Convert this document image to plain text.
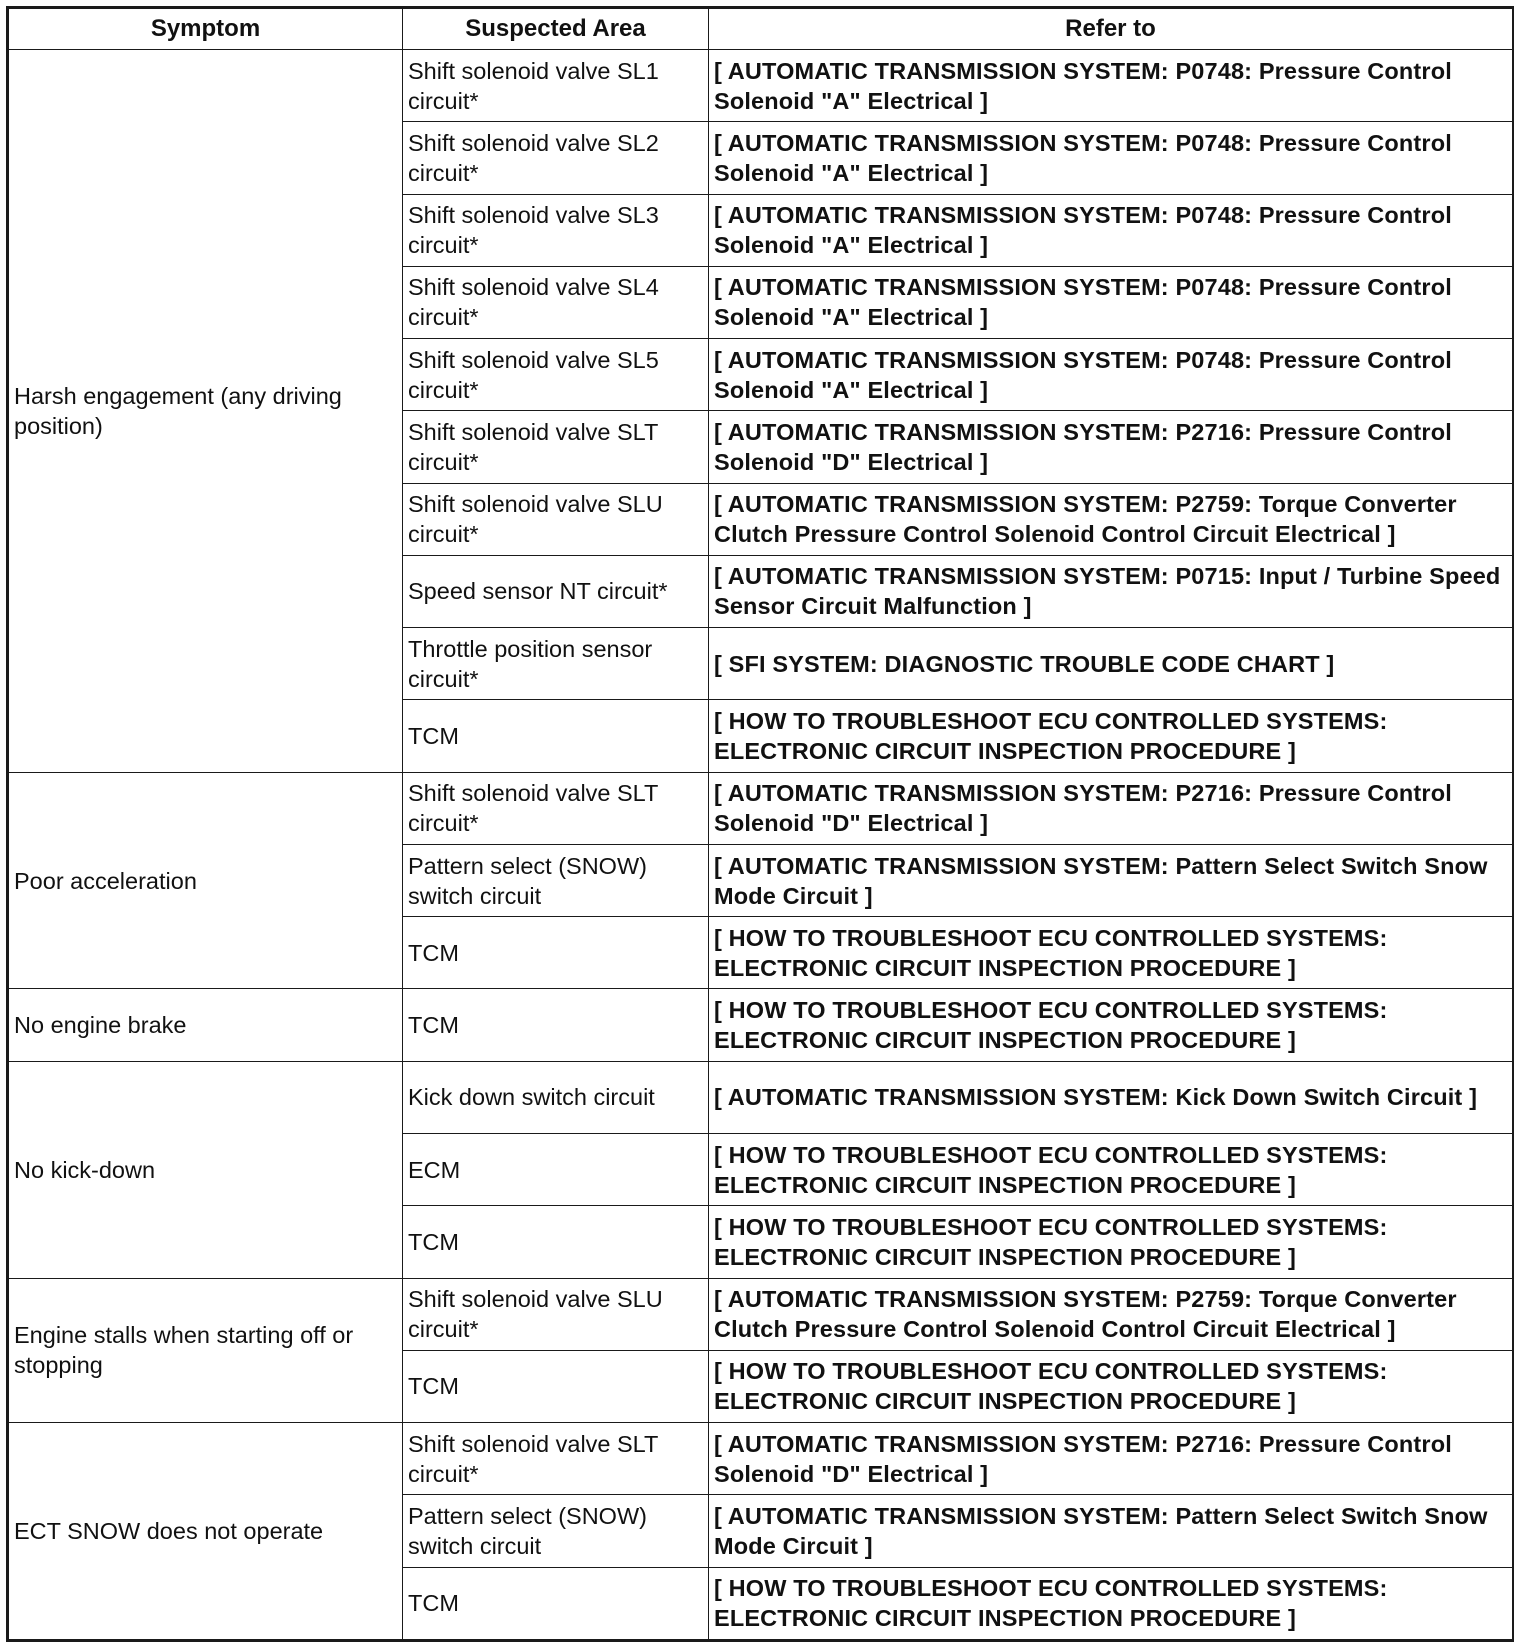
Symptom	Suspected Area	Refer to
Harsh engagement (any driving position)	Shift solenoid valve SL1 circuit*	[ AUTOMATIC TRANSMISSION SYSTEM: P0748: Pressure Control Solenoid "A" Electrical ]
	Shift solenoid valve SL2 circuit*	[ AUTOMATIC TRANSMISSION SYSTEM: P0748: Pressure Control Solenoid "A" Electrical ]
	Shift solenoid valve SL3 circuit*	[ AUTOMATIC TRANSMISSION SYSTEM: P0748: Pressure Control Solenoid "A" Electrical ]
	Shift solenoid valve SL4 circuit*	[ AUTOMATIC TRANSMISSION SYSTEM: P0748: Pressure Control Solenoid "A" Electrical ]
	Shift solenoid valve SL5 circuit*	[ AUTOMATIC TRANSMISSION SYSTEM: P0748: Pressure Control Solenoid "A" Electrical ]
	Shift solenoid valve SLT circuit*	[ AUTOMATIC TRANSMISSION SYSTEM: P2716: Pressure Control Solenoid "D" Electrical ]
	Shift solenoid valve SLU circuit*	[ AUTOMATIC TRANSMISSION SYSTEM: P2759: Torque Converter Clutch Pressure Control Solenoid Control Circuit Electrical ]
	Speed sensor NT circuit*	[ AUTOMATIC TRANSMISSION SYSTEM: P0715: Input / Turbine Speed Sensor Circuit Malfunction ]
	Throttle position sensor circuit*	[ SFI SYSTEM: DIAGNOSTIC TROUBLE CODE CHART ]
	TCM	[ HOW TO TROUBLESHOOT ECU CONTROLLED SYSTEMS: ELECTRONIC CIRCUIT INSPECTION PROCEDURE ]
Poor acceleration	Shift solenoid valve SLT circuit*	[ AUTOMATIC TRANSMISSION SYSTEM: P2716: Pressure Control Solenoid "D" Electrical ]
	Pattern select (SNOW) switch circuit	[ AUTOMATIC TRANSMISSION SYSTEM: Pattern Select Switch Snow Mode Circuit ]
	TCM	[ HOW TO TROUBLESHOOT ECU CONTROLLED SYSTEMS: ELECTRONIC CIRCUIT INSPECTION PROCEDURE ]
No engine brake	TCM	[ HOW TO TROUBLESHOOT ECU CONTROLLED SYSTEMS: ELECTRONIC CIRCUIT INSPECTION PROCEDURE ]
No kick-down	Kick down switch circuit	[ AUTOMATIC TRANSMISSION SYSTEM: Kick Down Switch Circuit ]
	ECM	[ HOW TO TROUBLESHOOT ECU CONTROLLED SYSTEMS: ELECTRONIC CIRCUIT INSPECTION PROCEDURE ]
	TCM	[ HOW TO TROUBLESHOOT ECU CONTROLLED SYSTEMS: ELECTRONIC CIRCUIT INSPECTION PROCEDURE ]
Engine stalls when starting off or stopping	Shift solenoid valve SLU circuit*	[ AUTOMATIC TRANSMISSION SYSTEM: P2759: Torque Converter Clutch Pressure Control Solenoid Control Circuit Electrical ]
	TCM	[ HOW TO TROUBLESHOOT ECU CONTROLLED SYSTEMS: ELECTRONIC CIRCUIT INSPECTION PROCEDURE ]
ECT SNOW does not operate	Shift solenoid valve SLT circuit*	[ AUTOMATIC TRANSMISSION SYSTEM: P2716: Pressure Control Solenoid "D" Electrical ]
	Pattern select (SNOW) switch circuit	[ AUTOMATIC TRANSMISSION SYSTEM: Pattern Select Switch Snow Mode Circuit ]
	TCM	[ HOW TO TROUBLESHOOT ECU CONTROLLED SYSTEMS: ELECTRONIC CIRCUIT INSPECTION PROCEDURE ]
